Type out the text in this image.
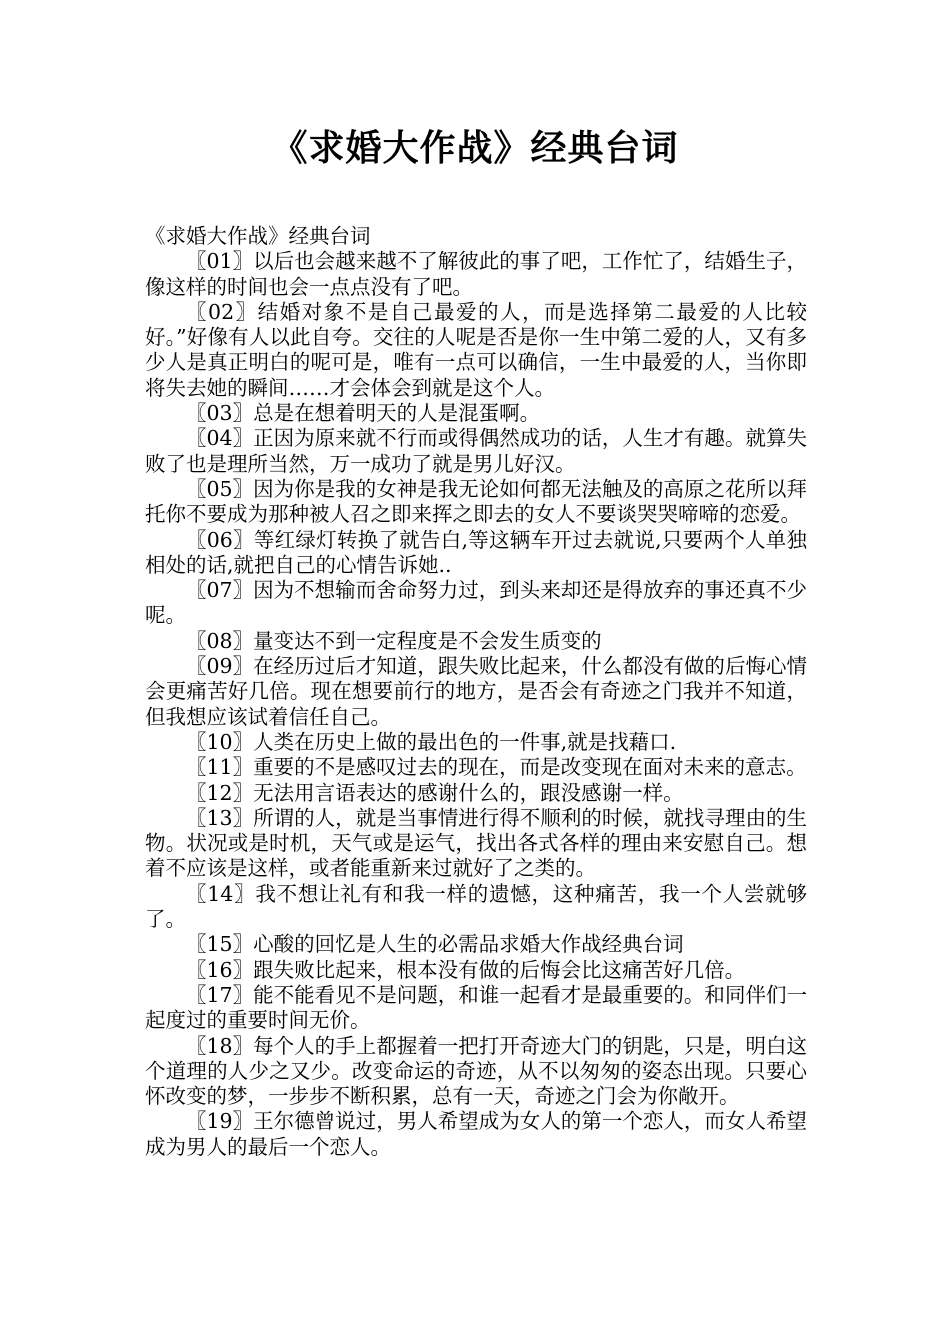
《求婚大作战》经典台词

《求婚大作战》经典台词

〖01〗以后也会越来越不了解彼此的事了吧，工作忙了，结婚生子，像这样的时间也会一点点没有了吧。

〖02〗结婚对象不是自己最爱的人，而是选择第二最爱的人比较好。”好像有人以此自夸。交往的人呢是否是你一生中第二爱的人，又有多少人是真正明白的呢可是，唯有一点可以确信，一生中最爱的人，当你即将失去她的瞬间……才会体会到就是这个人。

〖03〗总是在想着明天的人是混蛋啊。

〖04〗正因为原来就不行而或得偶然成功的话，人生才有趣。就算失败了也是理所当然，万一成功了就是男儿好汉。

〖05〗因为你是我的女神是我无论如何都无法触及的高原之花所以拜托你不要成为那种被人召之即来挥之即去的女人不要谈哭哭啼啼的恋爱。

〖06〗等红绿灯转换了就告白,等这辆车开过去就说,只要两个人单独相处的话,就把自己的心情告诉她..

〖07〗因为不想输而舍命努力过，到头来却还是得放弃的事还真不少呢。

〖08〗量变达不到一定程度是不会发生质变的

〖09〗在经历过后才知道，跟失败比起来，什么都没有做的后悔心情会更痛苦好几倍。现在想要前行的地方，是否会有奇迹之门我并不知道，但我想应该试着信任自己。

〖10〗人类在历史上做的最出色的一件事,就是找藉口.

〖11〗重要的不是感叹过去的现在，而是改变现在面对未来的意志。

〖12〗无法用言语表达的感谢什么的，跟没感谢一样。

〖13〗所谓的人，就是当事情进行得不顺利的时候，就找寻理由的生物。状况或是时机，天气或是运气，找出各式各样的理由来安慰自己。想着不应该是这样，或者能重新来过就好了之类的。

〖14〗我不想让礼有和我一样的遗憾，这种痛苦，我一个人尝就够了。

〖15〗心酸的回忆是人生的必需品求婚大作战经典台词

〖16〗跟失败比起来，根本没有做的后悔会比这痛苦好几倍。

〖17〗能不能看见不是问题，和谁一起看才是最重要的。和同伴们一起度过的重要时间无价。

〖18〗每个人的手上都握着一把打开奇迹大门的钥匙，只是，明白这个道理的人少之又少。改变命运的奇迹，从不以匆匆的姿态出现。只要心怀改变的梦，一步步不断积累，总有一天，奇迹之门会为你敞开。

〖19〗王尔德曾说过，男人希望成为女人的第一个恋人，而女人希望成为男人的最后一个恋人。
